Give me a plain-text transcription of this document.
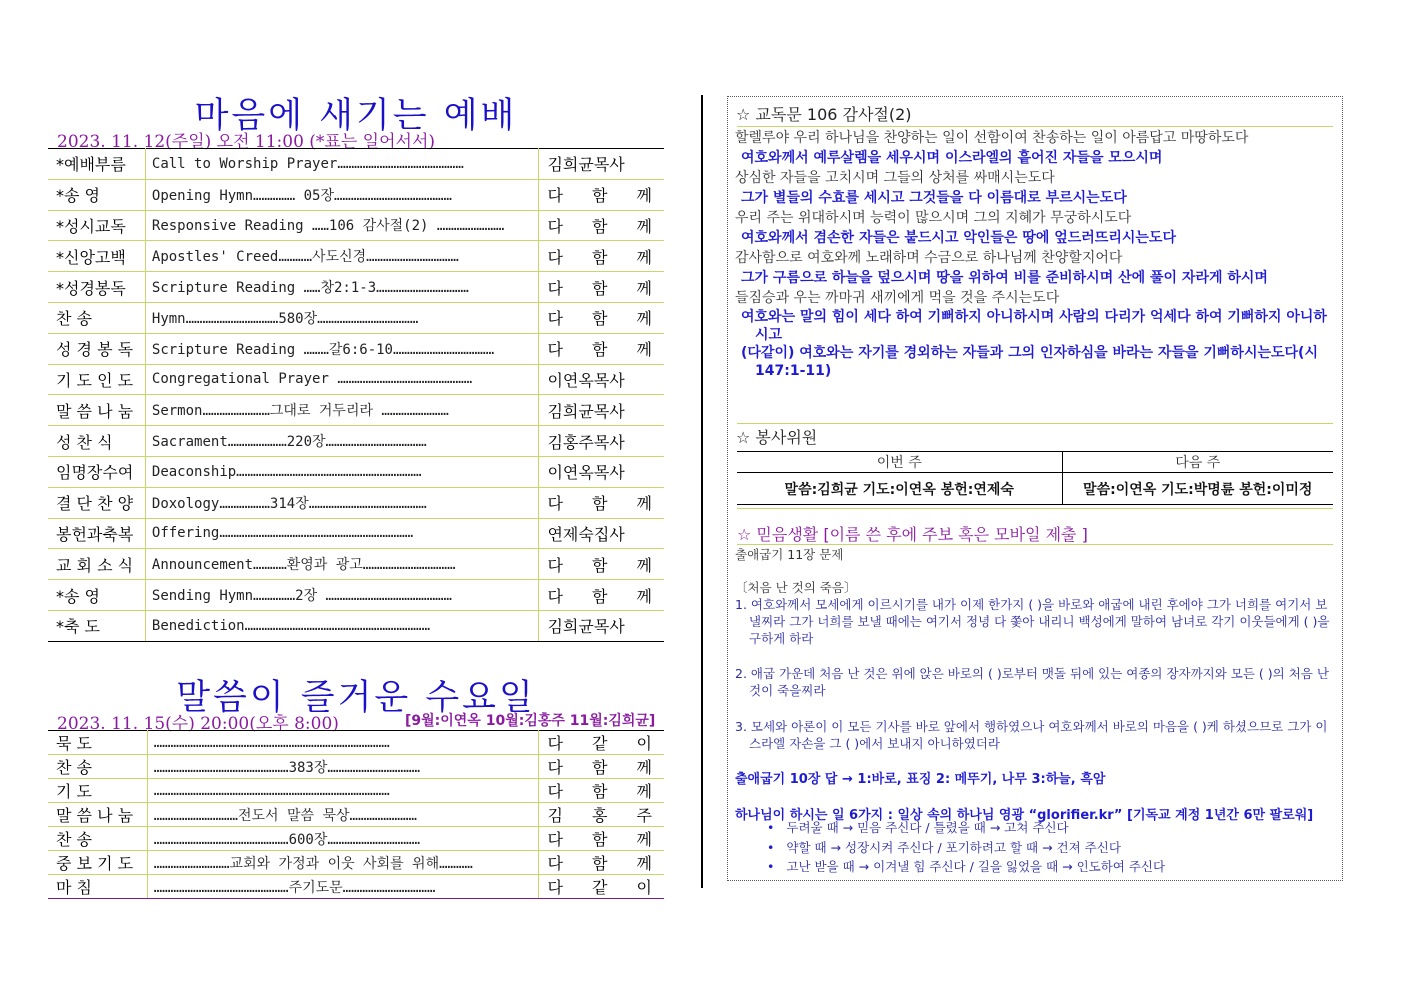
마음에 새기는 예배
2023. 11. 12(주일) 오전 11:00 (*표는 일어서서)
*예배부름	Call to Worship Prayer………………………………………	김희균목사
*송 영	Opening Hymn…………… 05장……………………………………	다 함 께
*성시교독	Responsive Reading ……106 감사절(2) ……………………	다 함 께
*신앙고백	Apostles' Creed…………사도신경……………………………	다 함 께
*성경봉독	Scripture Reading ……창2:1-3……………………………	다 함 께
찬 송	Hymn……………………………580장………………………………	다 함 께
성 경 봉 독	Scripture Reading ………갈6:6-10………………………………	다 함 께
기 도 인 도	Congregational Prayer …………………………………………	이연옥목사
말 씀 나 눔	Sermon……………………그대로 거두리라 ……………………	김희균목사
성 찬 식	Sacrament…………………220장………………………………	김홍주목사
임명장수여	Deaconship…………………………………………………………	이연옥목사
결 단 찬 양	Doxology………………314장……………………………………	다 함 께
봉헌과축복	Offering……………………………………………………………	연제숙집사
교 회 소 식	Announcement…………환영과 광고……………………………	다 함 께
*송 영	Sending Hymn……………2장 ………………………………………	다 함 께
*축 도	Benediction…………………………………………………………	김희균목사
말씀이 즐거운 수요일
2023. 11. 15(수) 20:00(오후 8:00)	[9월:이연옥 10월:김홍주 11월:김희균]
묵 도	…………………………………………………………………………	다 같 이
찬 송	…………………………………………383장……………………………	다 함 께
기 도	…………………………………………………………………………	다 함 께
말 씀 나 눔	…………………………전도서 말씀 묵상……………………	김 홍 주
찬 송	…………………………………………600장……………………………	다 함 께
중 보 기 도	………………………교회와 가정과 이웃 사회를 위해…………	다 함 께
마 침	…………………………………………주기도문……………………………	다 같 이
☆ 교독문 106 감사절(2)
할렐루야 우리 하나님을 찬양하는 일이 선함이여 찬송하는 일이 아름답고 마땅하도다
여호와께서 예루살렘을 세우시며 이스라엘의 흩어진 자들을 모으시며
상심한 자들을 고치시며 그들의 상처를 싸매시는도다
그가 별들의 수효를 세시고 그것들을 다 이름대로 부르시는도다
우리 주는 위대하시며 능력이 많으시며 그의 지혜가 무궁하시도다
여호와께서 겸손한 자들은 붙드시고 악인들은 땅에 엎드러뜨리시는도다
감사함으로 여호와께 노래하며 수금으로 하나님께 찬양할지어다
그가 구름으로 하늘을 덮으시며 땅을 위하여 비를 준비하시며 산에 풀이 자라게 하시며
들짐승과 우는 까마귀 새끼에게 먹을 것을 주시는도다
여호와는 말의 힘이 세다 하여 기뻐하지 아니하시며 사람의 다리가 억세다 하여 기뻐하지 아니하시고
(다같이) 여호와는 자기를 경외하는 자들과 그의 인자하심을 바라는 자들을 기뻐하시는도다(시147:1-11)
☆ 봉사위원
이번 주	다음 주
말씀:김희균 기도:이연옥 봉헌:연제숙	말씀:이연옥 기도:박명륜 봉헌:이미정
☆ 믿음생활 [이름 쓴 후에 주보 혹은 모바일 제출 ]
출애굽기 11장 문제
〔처음 난 것의 죽음〕
1. 여호와께서 모세에게 이르시기를 내가 이제 한가지 ( )을 바로와 애굽에 내린 후에야 그가 너희를 여기서 보낼찌라 그가 너희를 보낼 때에는 여기서 정녕 다 쫓아 내리니 백성에게 말하여 남녀로 각기 이웃들에게 ( )을 구하게 하라
2. 애굽 가운데 처음 난 것은 위에 앉은 바로의 ( )로부터 맷돌 뒤에 있는 여종의 장자까지와 모든 ( )의 처음 난 것이 죽을찌라
3. 모세와 아론이 이 모든 기사를 바로 앞에서 행하였으나 여호와께서 바로의 마음을 ( )케 하셨으므로 그가 이스라엘 자손을 그 ( )에서 보내지 아니하였더라
출애굽기 10장 답 → 1:바로, 표징 2: 메뚜기, 나무 3:하늘, 흑암
하나님이 하시는 일 6가지 : 일상 속의 하나님 영광 “glorifier.kr” [기독교 계정 1년간 6만 팔로워]
• 두려울 때 → 믿음 주신다 / 틀렸을 때 → 고쳐 주신다
• 약할 때 → 성장시켜 주신다 / 포기하려고 할 때 → 건져 주신다
• 고난 받을 때 → 이겨낼 힘 주신다 / 길을 잃었을 때 → 인도하여 주신다
